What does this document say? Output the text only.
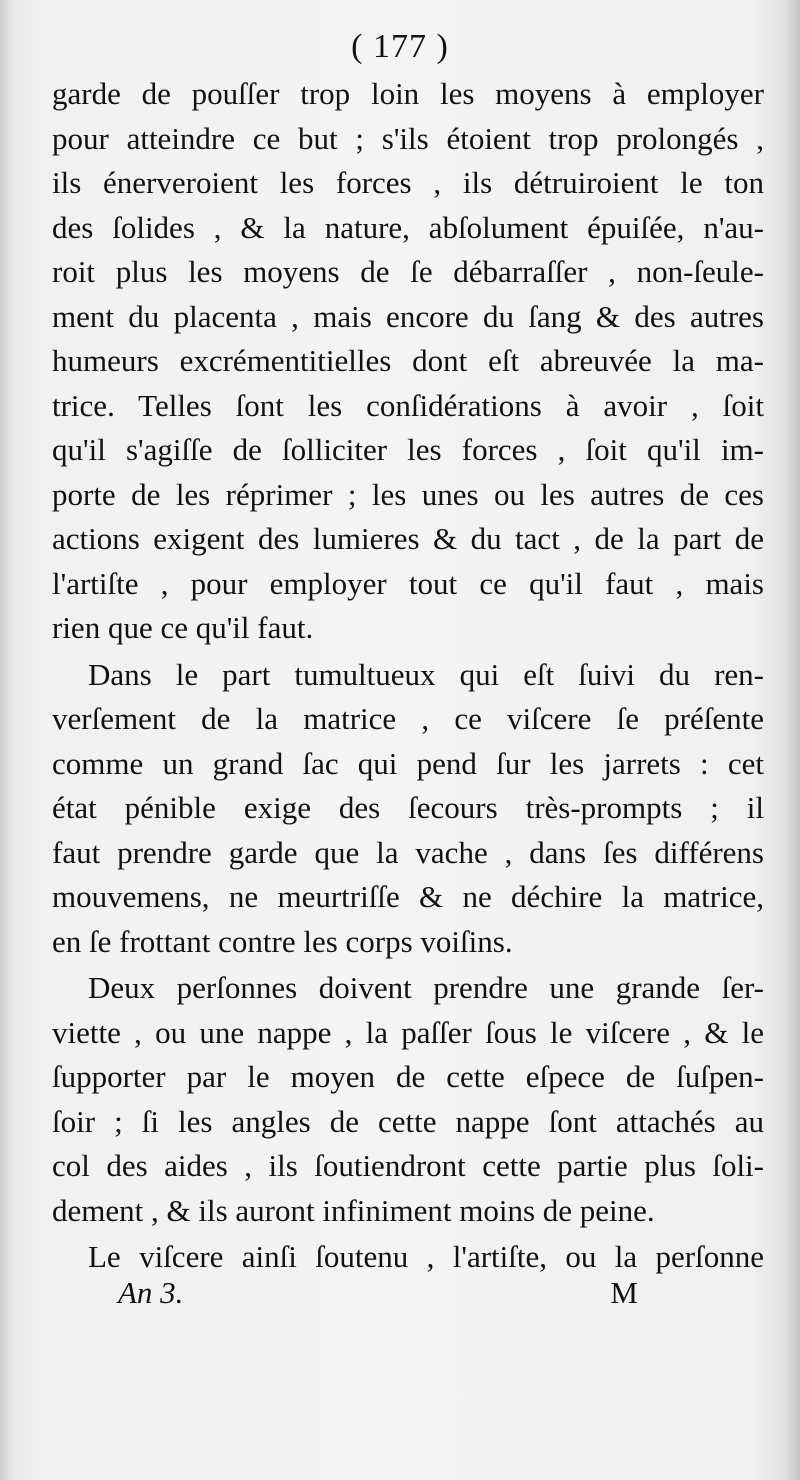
( 177 )
garde de pouſſer trop loin les moyens à employer
pour atteindre ce but ; s'ils étoient trop prolongés ,
ils énerveroient les forces , ils détruiroient le ton
des ſolides , & la nature, abſolument épuiſée, n'au-
roit plus les moyens de ſe débarraſſer , non-ſeule-
ment du placenta , mais encore du ſang & des autres
humeurs excrémentitielles dont eſt abreuvée la ma-
trice. Telles ſont les conſidérations à avoir , ſoit
qu'il s'agiſſe de ſolliciter les forces , ſoit qu'il im-
porte de les réprimer ; les unes ou les autres de ces
actions exigent des lumieres & du tact , de la part de
l'artiſte , pour employer tout ce qu'il faut , mais
rien que ce qu'il faut.
Dans le part tumultueux qui eſt ſuivi du ren-
verſement de la matrice , ce viſcere ſe préſente
comme un grand ſac qui pend ſur les jarrets : cet
état pénible exige des ſecours très-prompts ; il
faut prendre garde que la vache , dans ſes différens
mouvemens, ne meurtriſſe & ne déchire la matrice,
en ſe frottant contre les corps voiſins.
Deux perſonnes doivent prendre une grande ſer-
viette , ou une nappe , la paſſer ſous le viſcere , & le
ſupporter par le moyen de cette eſpece de ſuſpen-
ſoir ; ſi les angles de cette nappe ſont attachés au
col des aides , ils ſoutiendront cette partie plus ſoli-
dement , & ils auront infiniment moins de peine.
Le viſcere ainſi ſoutenu , l'artiſte, ou la perſonne
An 3.	M
